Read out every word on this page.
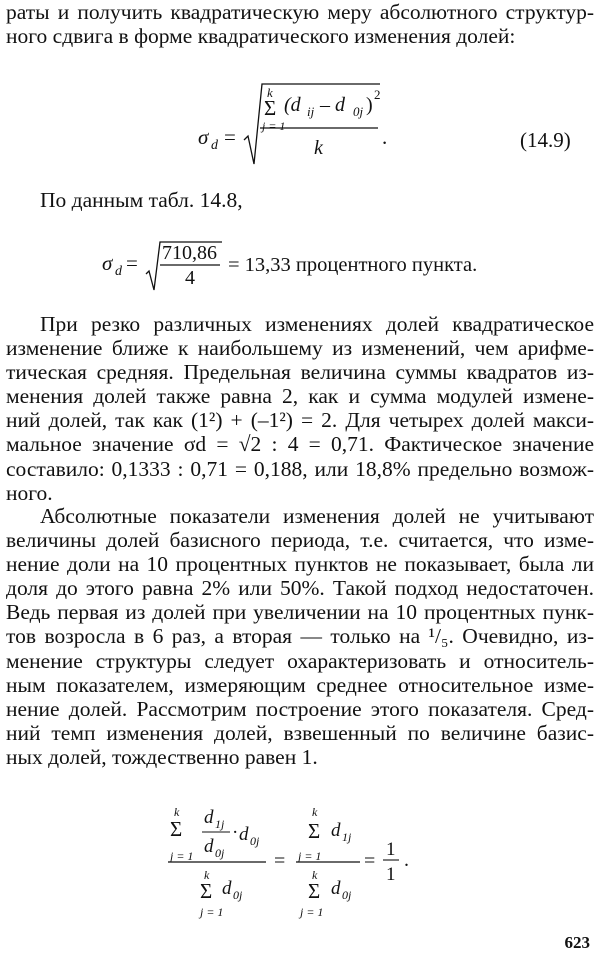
раты и получить квадратическую меру абсолютного структур-
ного сдвига в форме квадратического изменения долей:
σ d =
k
Σ
j = 1
(d ij – d 0j ) 2
k	.	(14.9)
По данным табл. 14.8,
σ d = 710,86
4
= 13,33 процентного пункта.
При резко различных изменениях долей квадратическое
изменение ближе к наибольшему из изменений, чем арифме-
тическая средняя. Предельная величина суммы квадратов из-
менения долей также равна 2, как и сумма модулей измене-
ний долей, так как (1²) + (–1²) = 2. Для четырех долей макси-
мальное значение σd = √2 : 4 = 0,71. Фактическое значение
составило: 0,1333 : 0,71 = 0,188, или 18,8% предельно возмож-
ного.
Абсолютные показатели изменения долей не учитывают
величины долей базисного периода, т.е. считается, что изме-
нение доли на 10 процентных пунктов не показывает, была ли
доля до этого равна 2% или 50%. Такой подход недостаточен.
Ведь первая из долей при увеличении на 10 процентных пунк-
тов возросла в 6 раз, а вторая — только на ¹/₅. Очевидно, из-
менение структуры следует охарактеризовать и относитель-
ным показателем, измеряющим среднее относительное изме-
нение долей. Рассмотрим построение этого показателя. Сред-
ний темп изменения долей, взвешенный по величине базис-
ных долей, тождественно равен 1.
k
Σ
j = 1
d 1j
d 0j
· d 0j
k
Σ
j = 1
d 0j
=
k
Σ
j = 1
d 1j
k
Σ
j = 1
d 0j
=
1
1
.
623
